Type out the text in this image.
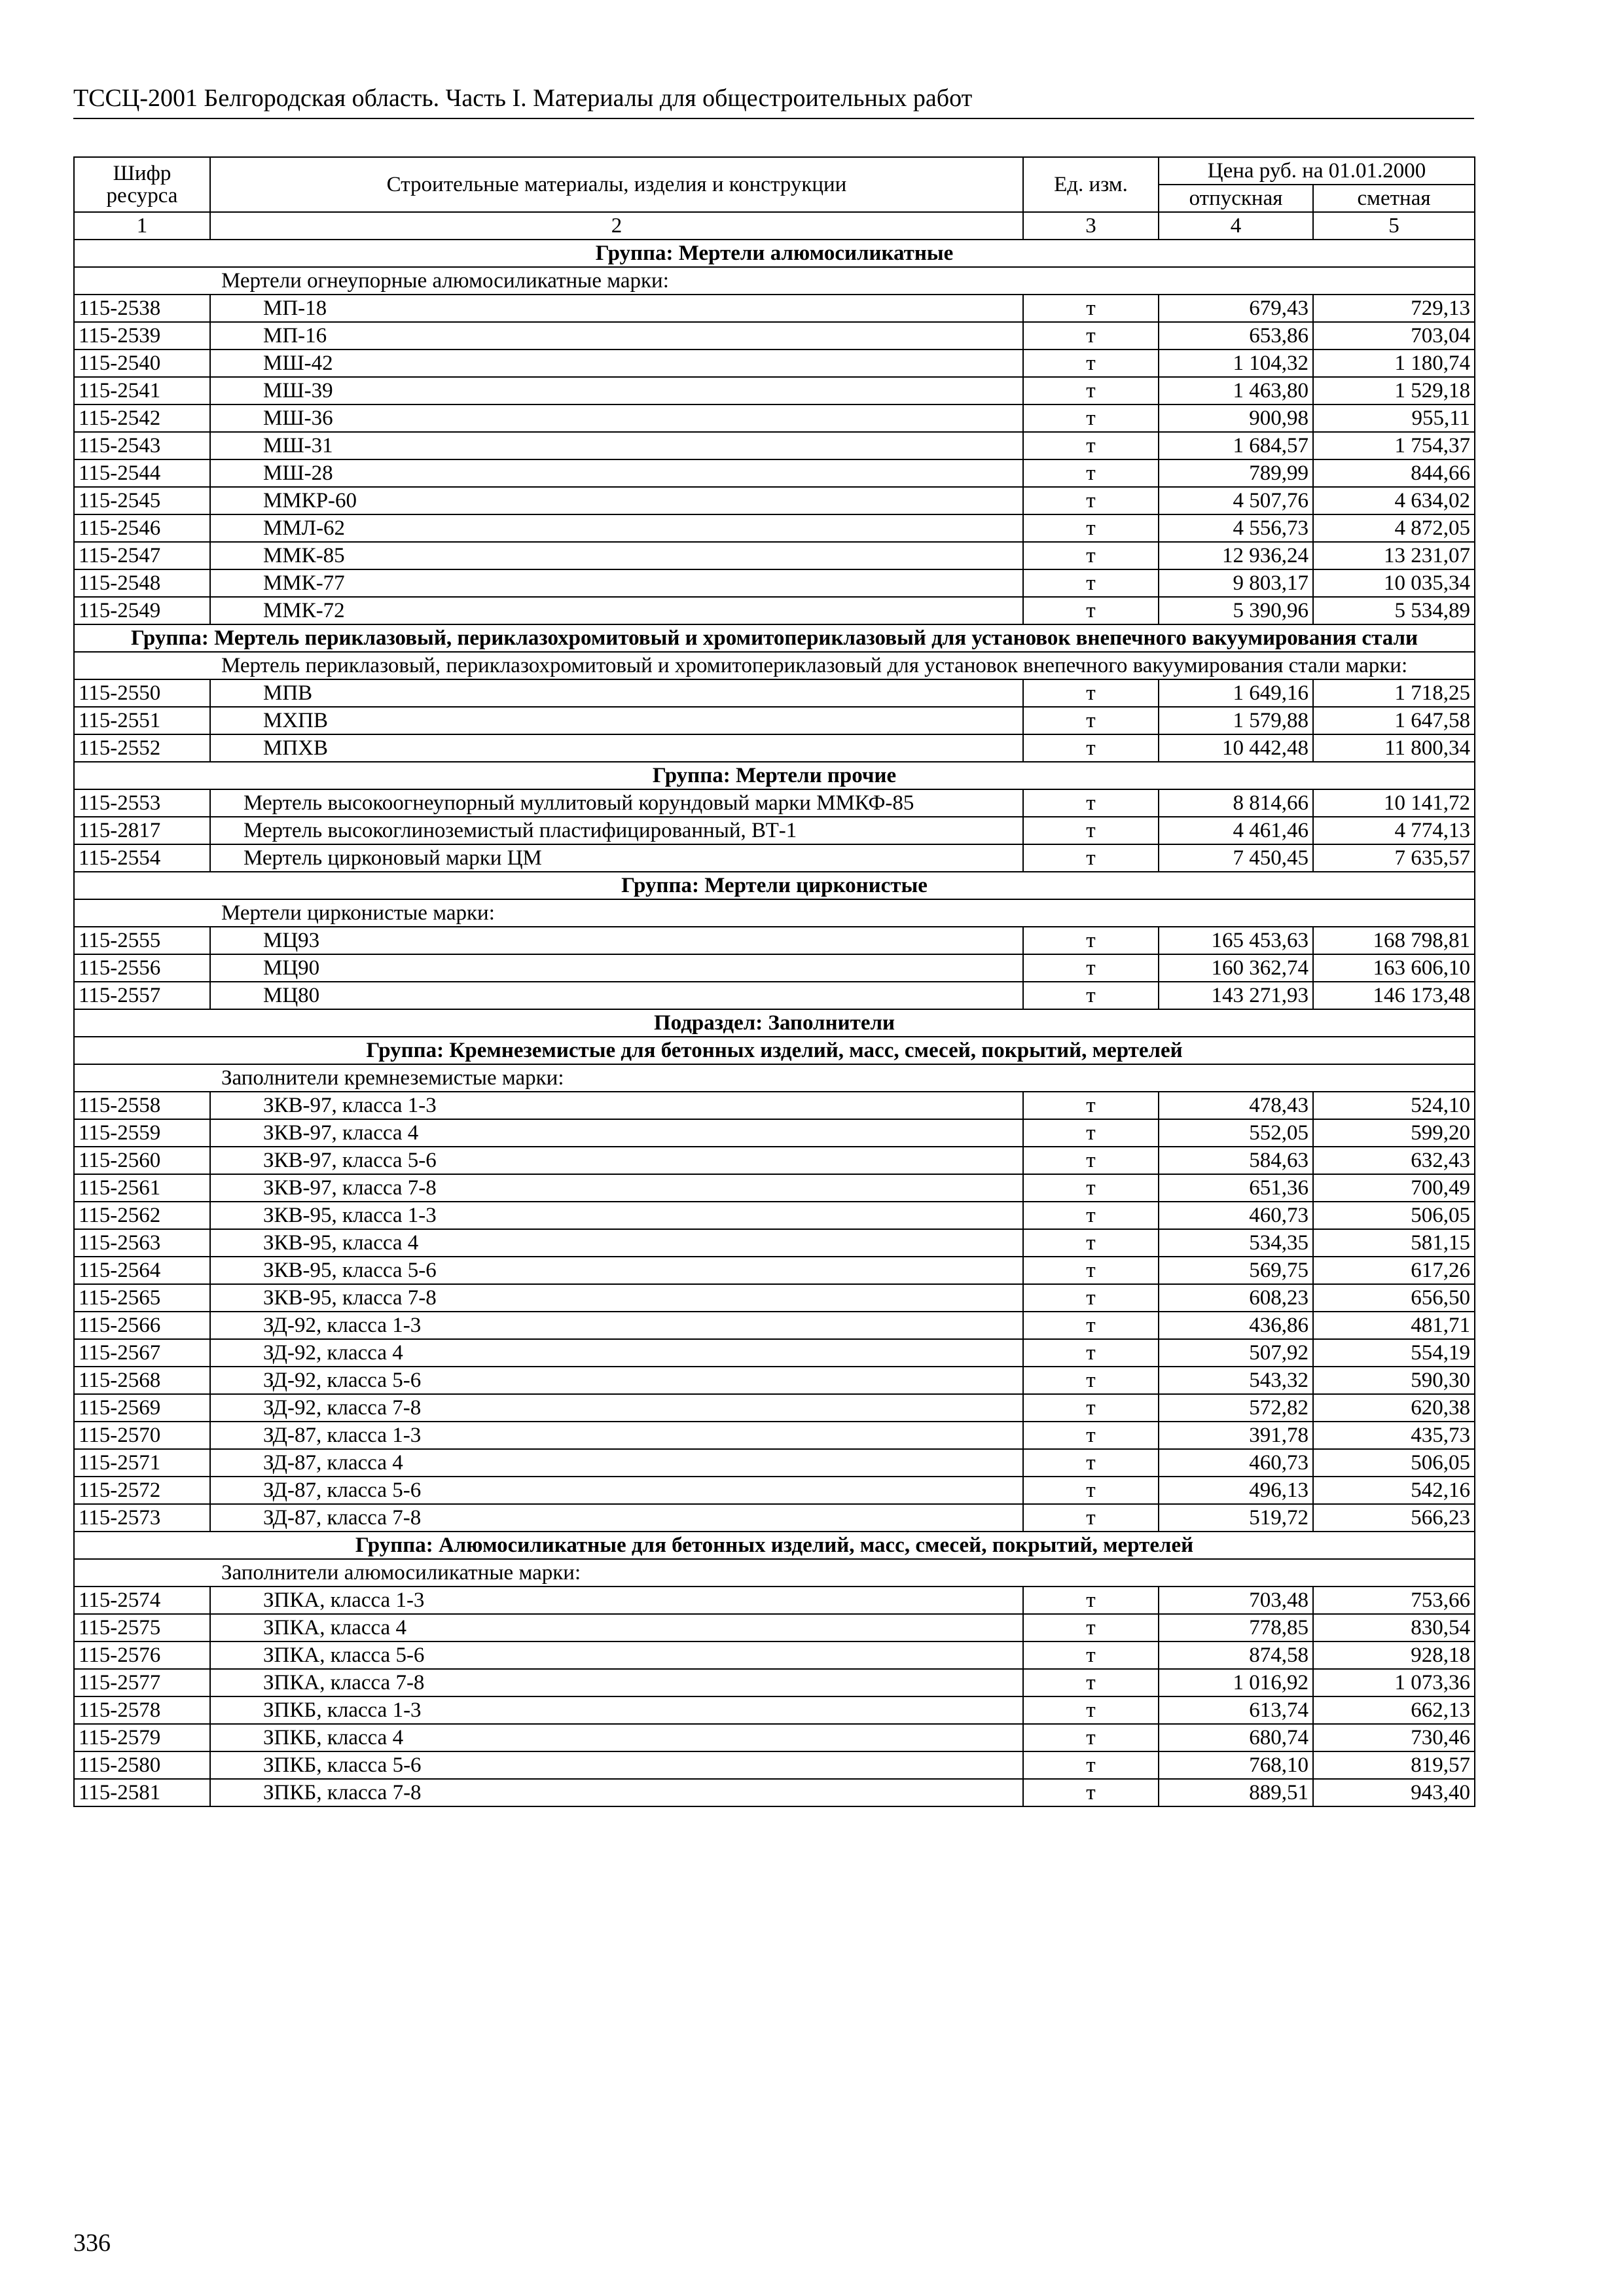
ТССЦ-2001 Белгородская область. Часть I. Материалы для общестроительных работ
Шифр ресурса	Строительные материалы, изделия и конструкции	Ед. изм.	Цена руб. на 01.01.2000	
			отпускная	сметная
1	2	3	4	5
Группа: Мертели алюмосиликатные				
Мертели огнеупорные алюмосиликатные марки:				
115-2538	МП-18	т	679,43	729,13
115-2539	МП-16	т	653,86	703,04
115-2540	МШ-42	т	1 104,32	1 180,74
115-2541	МШ-39	т	1 463,80	1 529,18
115-2542	МШ-36	т	900,98	955,11
115-2543	МШ-31	т	1 684,57	1 754,37
115-2544	МШ-28	т	789,99	844,66
115-2545	ММКР-60	т	4 507,76	4 634,02
115-2546	ММЛ-62	т	4 556,73	4 872,05
115-2547	ММК-85	т	12 936,24	13 231,07
115-2548	ММК-77	т	9 803,17	10 035,34
115-2549	ММК-72	т	5 390,96	5 534,89
Группа: Мертель периклазовый, периклазохромитовый и хромитопериклазовый для установок внепечного вакуумирования стали				
Мертель периклазовый, периклазохромитовый и хромитопериклазовый для установок внепечного вакуумирования стали марки:				
115-2550	МПВ	т	1 649,16	1 718,25
115-2551	МХПВ	т	1 579,88	1 647,58
115-2552	МПХВ	т	10 442,48	11 800,34
Группа: Мертели прочие				
115-2553	Мертель высокоогнеупорный муллитовый корундовый марки ММКФ-85	т	8 814,66	10 141,72
115-2817	Мертель высокоглиноземистый пластифицированный, ВТ-1	т	4 461,46	4 774,13
115-2554	Мертель цирконовый марки ЦМ	т	7 450,45	7 635,57
Группа: Мертели цирконистые				
Мертели цирконистые марки:				
115-2555	МЦ93	т	165 453,63	168 798,81
115-2556	МЦ90	т	160 362,74	163 606,10
115-2557	МЦ80	т	143 271,93	146 173,48
Подраздел: Заполнители				
Группа: Кремнеземистые для бетонных изделий, масс, смесей, покрытий, мертелей				
Заполнители кремнеземистые марки:				
115-2558	ЗКВ-97, класса 1-3	т	478,43	524,10
115-2559	ЗКВ-97, класса 4	т	552,05	599,20
115-2560	ЗКВ-97, класса 5-6	т	584,63	632,43
115-2561	ЗКВ-97, класса 7-8	т	651,36	700,49
115-2562	ЗКВ-95, класса 1-3	т	460,73	506,05
115-2563	ЗКВ-95, класса 4	т	534,35	581,15
115-2564	ЗКВ-95, класса 5-6	т	569,75	617,26
115-2565	ЗКВ-95, класса 7-8	т	608,23	656,50
115-2566	ЗД-92, класса 1-3	т	436,86	481,71
115-2567	ЗД-92, класса 4	т	507,92	554,19
115-2568	ЗД-92, класса 5-6	т	543,32	590,30
115-2569	ЗД-92, класса 7-8	т	572,82	620,38
115-2570	ЗД-87, класса 1-3	т	391,78	435,73
115-2571	ЗД-87, класса 4	т	460,73	506,05
115-2572	ЗД-87, класса 5-6	т	496,13	542,16
115-2573	ЗД-87, класса 7-8	т	519,72	566,23
Группа: Алюмосиликатные для бетонных изделий, масс, смесей, покрытий, мертелей				
Заполнители алюмосиликатные марки:				
115-2574	ЗПКА, класса 1-3	т	703,48	753,66
115-2575	ЗПКА, класса 4	т	778,85	830,54
115-2576	ЗПКА, класса 5-6	т	874,58	928,18
115-2577	ЗПКА, класса 7-8	т	1 016,92	1 073,36
115-2578	ЗПКБ, класса 1-3	т	613,74	662,13
115-2579	ЗПКБ, класса 4	т	680,74	730,46
115-2580	ЗПКБ, класса 5-6	т	768,10	819,57
115-2581	ЗПКБ, класса 7-8	т	889,51	943,40
336
